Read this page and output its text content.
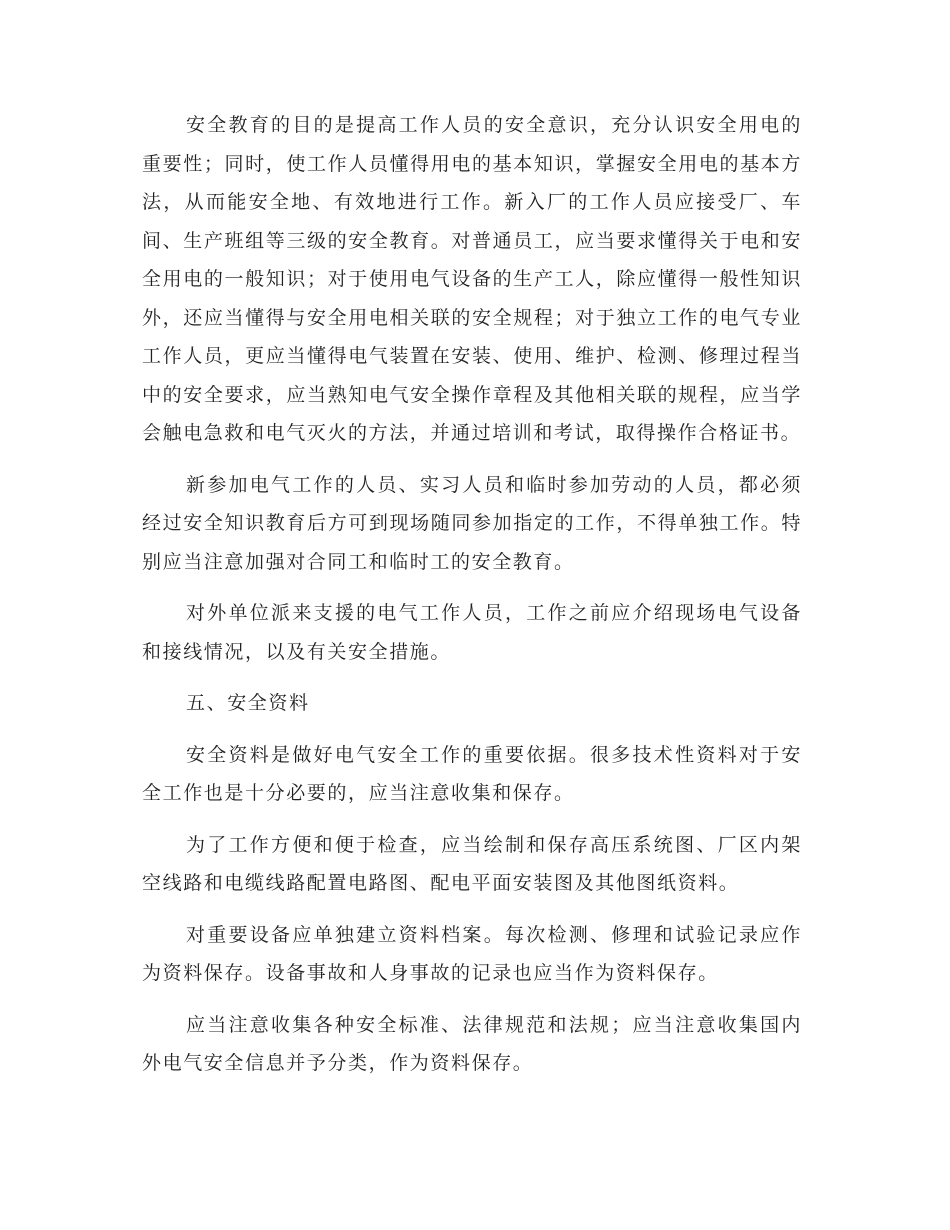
安全教育的目的是提高工作人员的安全意识，充分认识安全用电的重要性；同时，使工作人员懂得用电的基本知识，掌握安全用电的基本方法，从而能安全地、有效地进行工作。新入厂的工作人员应接受厂、车间、生产班组等三级的安全教育。对普通员工，应当要求懂得关于电和安全用电的一般知识；对于使用电气设备的生产工人，除应懂得一般性知识外，还应当懂得与安全用电相关联的安全规程；对于独立工作的电气专业工作人员，更应当懂得电气装置在安装、使用、维护、检测、修理过程当中的安全要求，应当熟知电气安全操作章程及其他相关联的规程，应当学会触电急救和电气灭火的方法，并通过培训和考试，取得操作合格证书。

新参加电气工作的人员、实习人员和临时参加劳动的人员，都必须经过安全知识教育后方可到现场随同参加指定的工作，不得单独工作。特别应当注意加强对合同工和临时工的安全教育。

对外单位派来支援的电气工作人员，工作之前应介绍现场电气设备和接线情况，以及有关安全措施。

五、安全资料

安全资料是做好电气安全工作的重要依据。很多技术性资料对于安全工作也是十分必要的，应当注意收集和保存。

为了工作方便和便于检查，应当绘制和保存高压系统图、厂区内架空线路和电缆线路配置电路图、配电平面安装图及其他图纸资料。

对重要设备应单独建立资料档案。每次检测、修理和试验记录应作为资料保存。设备事故和人身事故的记录也应当作为资料保存。

应当注意收集各种安全标准、法律规范和法规；应当注意收集国内外电气安全信息并予分类，作为资料保存。
